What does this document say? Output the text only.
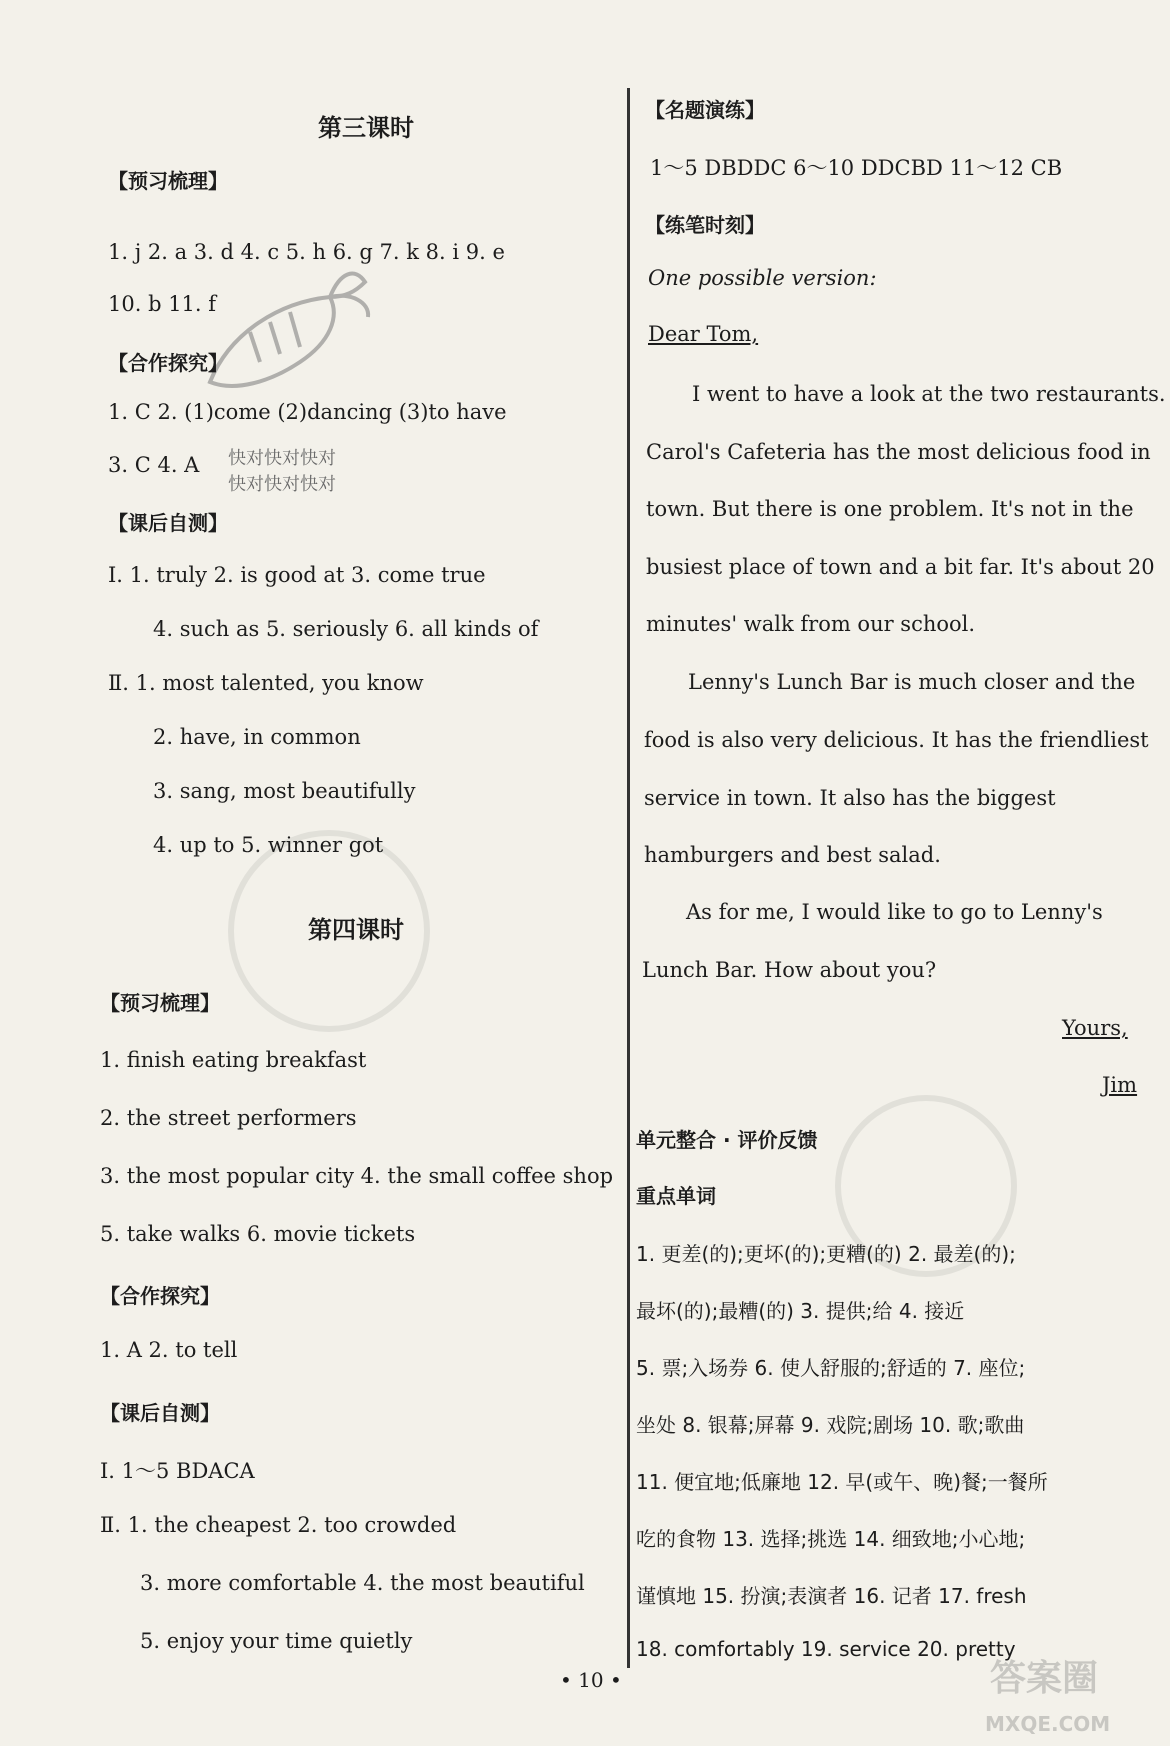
第三课时
【预习梳理】
1. j 2. a 3. d 4. c 5. h 6. g 7. k 8. i 9. e
10. b 11. f
【合作探究】
1. C 2. (1)come (2)dancing (3)to have
3. C 4. A
【课后自测】
Ⅰ. 1. truly 2. is good at 3. come true
4. such as 5. seriously 6. all kinds of
Ⅱ. 1. most talented, you know
2. have, in common
3. sang, most beautifully
4. up to 5. winner got
第四课时
【预习梳理】
1. finish eating breakfast
2. the street performers
3. the most popular city 4. the small coffee shop
5. take walks 6. movie tickets
【合作探究】
1. A 2. to tell
【课后自测】
Ⅰ. 1～5 BDACA
Ⅱ. 1. the cheapest 2. too crowded
3. more comfortable 4. the most beautiful
5. enjoy your time quietly
快对快对快对
快对快对快对
【名题演练】
1～5 DBDDC 6～10 DDCBD 11～12 CB
【练笔时刻】
One possible version:
Dear Tom,
I went to have a look at the two restaurants.
Carol's Cafeteria has the most delicious food in
town. But there is one problem. It's not in the
busiest place of town and a bit far. It's about 20
minutes' walk from our school.
Lenny's Lunch Bar is much closer and the
food is also very delicious. It has the friendliest
service in town. It also has the biggest
hamburgers and best salad.
As for me, I would like to go to Lenny's
Lunch Bar. How about you?
Yours,
Jim
单元整合 · 评价反馈
重点单词
1. 更差(的);更坏(的);更糟(的) 2. 最差(的);
最坏(的);最糟(的) 3. 提供;给 4. 接近
5. 票;入场券 6. 使人舒服的;舒适的 7. 座位;
坐处 8. 银幕;屏幕 9. 戏院;剧场 10. 歌;歌曲
11. 便宜地;低廉地 12. 早(或午、晚)餐;一餐所
吃的食物 13. 选择;挑选 14. 细致地;小心地;
谨慎地 15. 扮演;表演者 16. 记者 17. fresh
18. comfortably 19. service 20. pretty
• 10 •	答案圈
MXQE.COM
